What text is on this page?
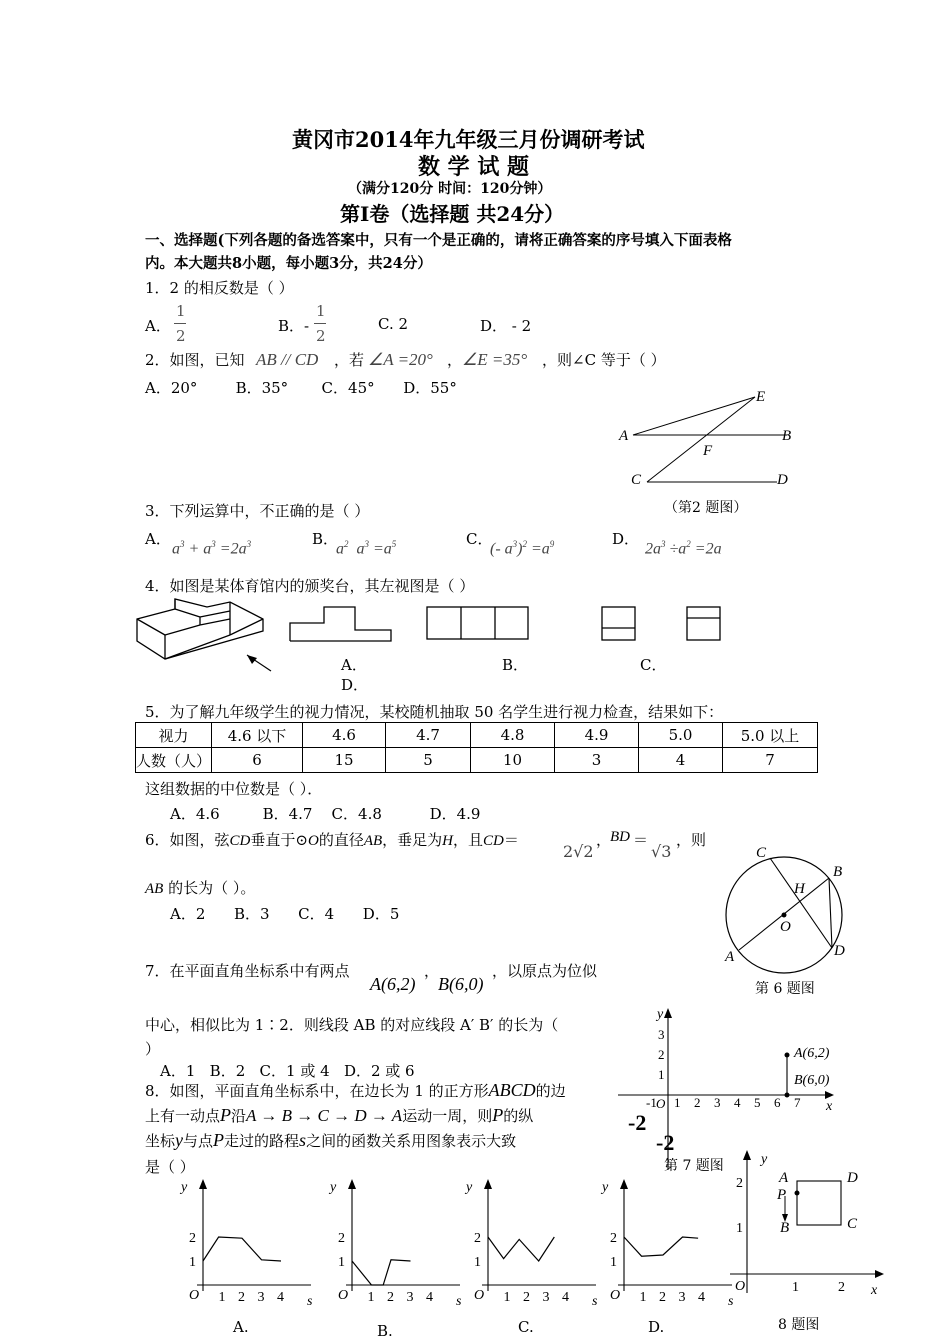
黄冈市2014年九年级三月份调研考试
数 学 试 题
（满分120分 时间：120分钟）
第Ⅰ卷（选择题 共24分）
一、选择题(下列各题的备选答案中，只有一个是正确的，请将正确答案的序号填入下面表格
内。本大题共8小题，每小题3分，共24分）
1．2 的相反数是（ ）
A．
1
2
B．-
1
2
C. 2	D． - 2
2．如图，已知 AB // CD ，若 ∠A =20° ， ∠E =35° ，则∠C 等于（ ）
A．20°        B．35°       C．45°      D．55°	E
A	B
F
C	D
（第2 题图）
3．下列运算中，不正确的是（ ）
A．
$a^3 + a^3 =2a^3$	B．
$a^2$  $a^3 =a^5$	C．
(- $a^3)^2 =a^9$	D．
$2a^3 \div a^2 =2a$
4．如图是某体育馆内的颁奖台，其左视图是（ ）
A．	B．	C．
D．
5．为了解九年级学生的视力情况，某校随机抽取 50 名学生进行视力检查，结果如下：
视力	4.6 以下	4.6	4.7	4.8	4.9	5.0	5.0 以上
人数（人）	6	15	5	10	3	4	7
这组数据的中位数是（ ）．
A．4.6         B．4.7    C．4.8          D．4.9
6．如图，弦CD垂直于⊙O的直径AB，垂足为H，且CD＝
2√2
，
BD ＝
√3
，则
AB 的长为（ ）。
A．2      B．3      C．4      D．5
C
B
H
O
A	D
第 6 题图
7．在平面直角坐标系中有两点	，
A(6,2) B(6,0)
，以原点为位似
中心，相似比为 1∶2．则线段 AB 的对应线段 A′ B′ 的长为（
）
A．1   B．2   C．1 或 4   D．2 或 6
y
x
3
2
1
O 1 2 3 4 5 6 7
-1
-2
-2
A(6,2)
B(6,0)
第 7 题图
8．如图，平面直角坐标系中，在边长为 1 的正方形ABCD的边
上有一动点P沿A → B → C → D → A运动一周，则P的纵
坐标y与点P走过的路程s之间的函数关系用图象表示大致
是（ ）
y
s
O
1
2
1 2 3 4
y
s
O
1
2
1 2 3 4
y
s
O
1
2
1 2 3 4
y
s
O
1
2
1 2 3 4
A.	B.	C.	D.
y
x
2
1
O	1	2
A
P
B
D
C
8 题图
